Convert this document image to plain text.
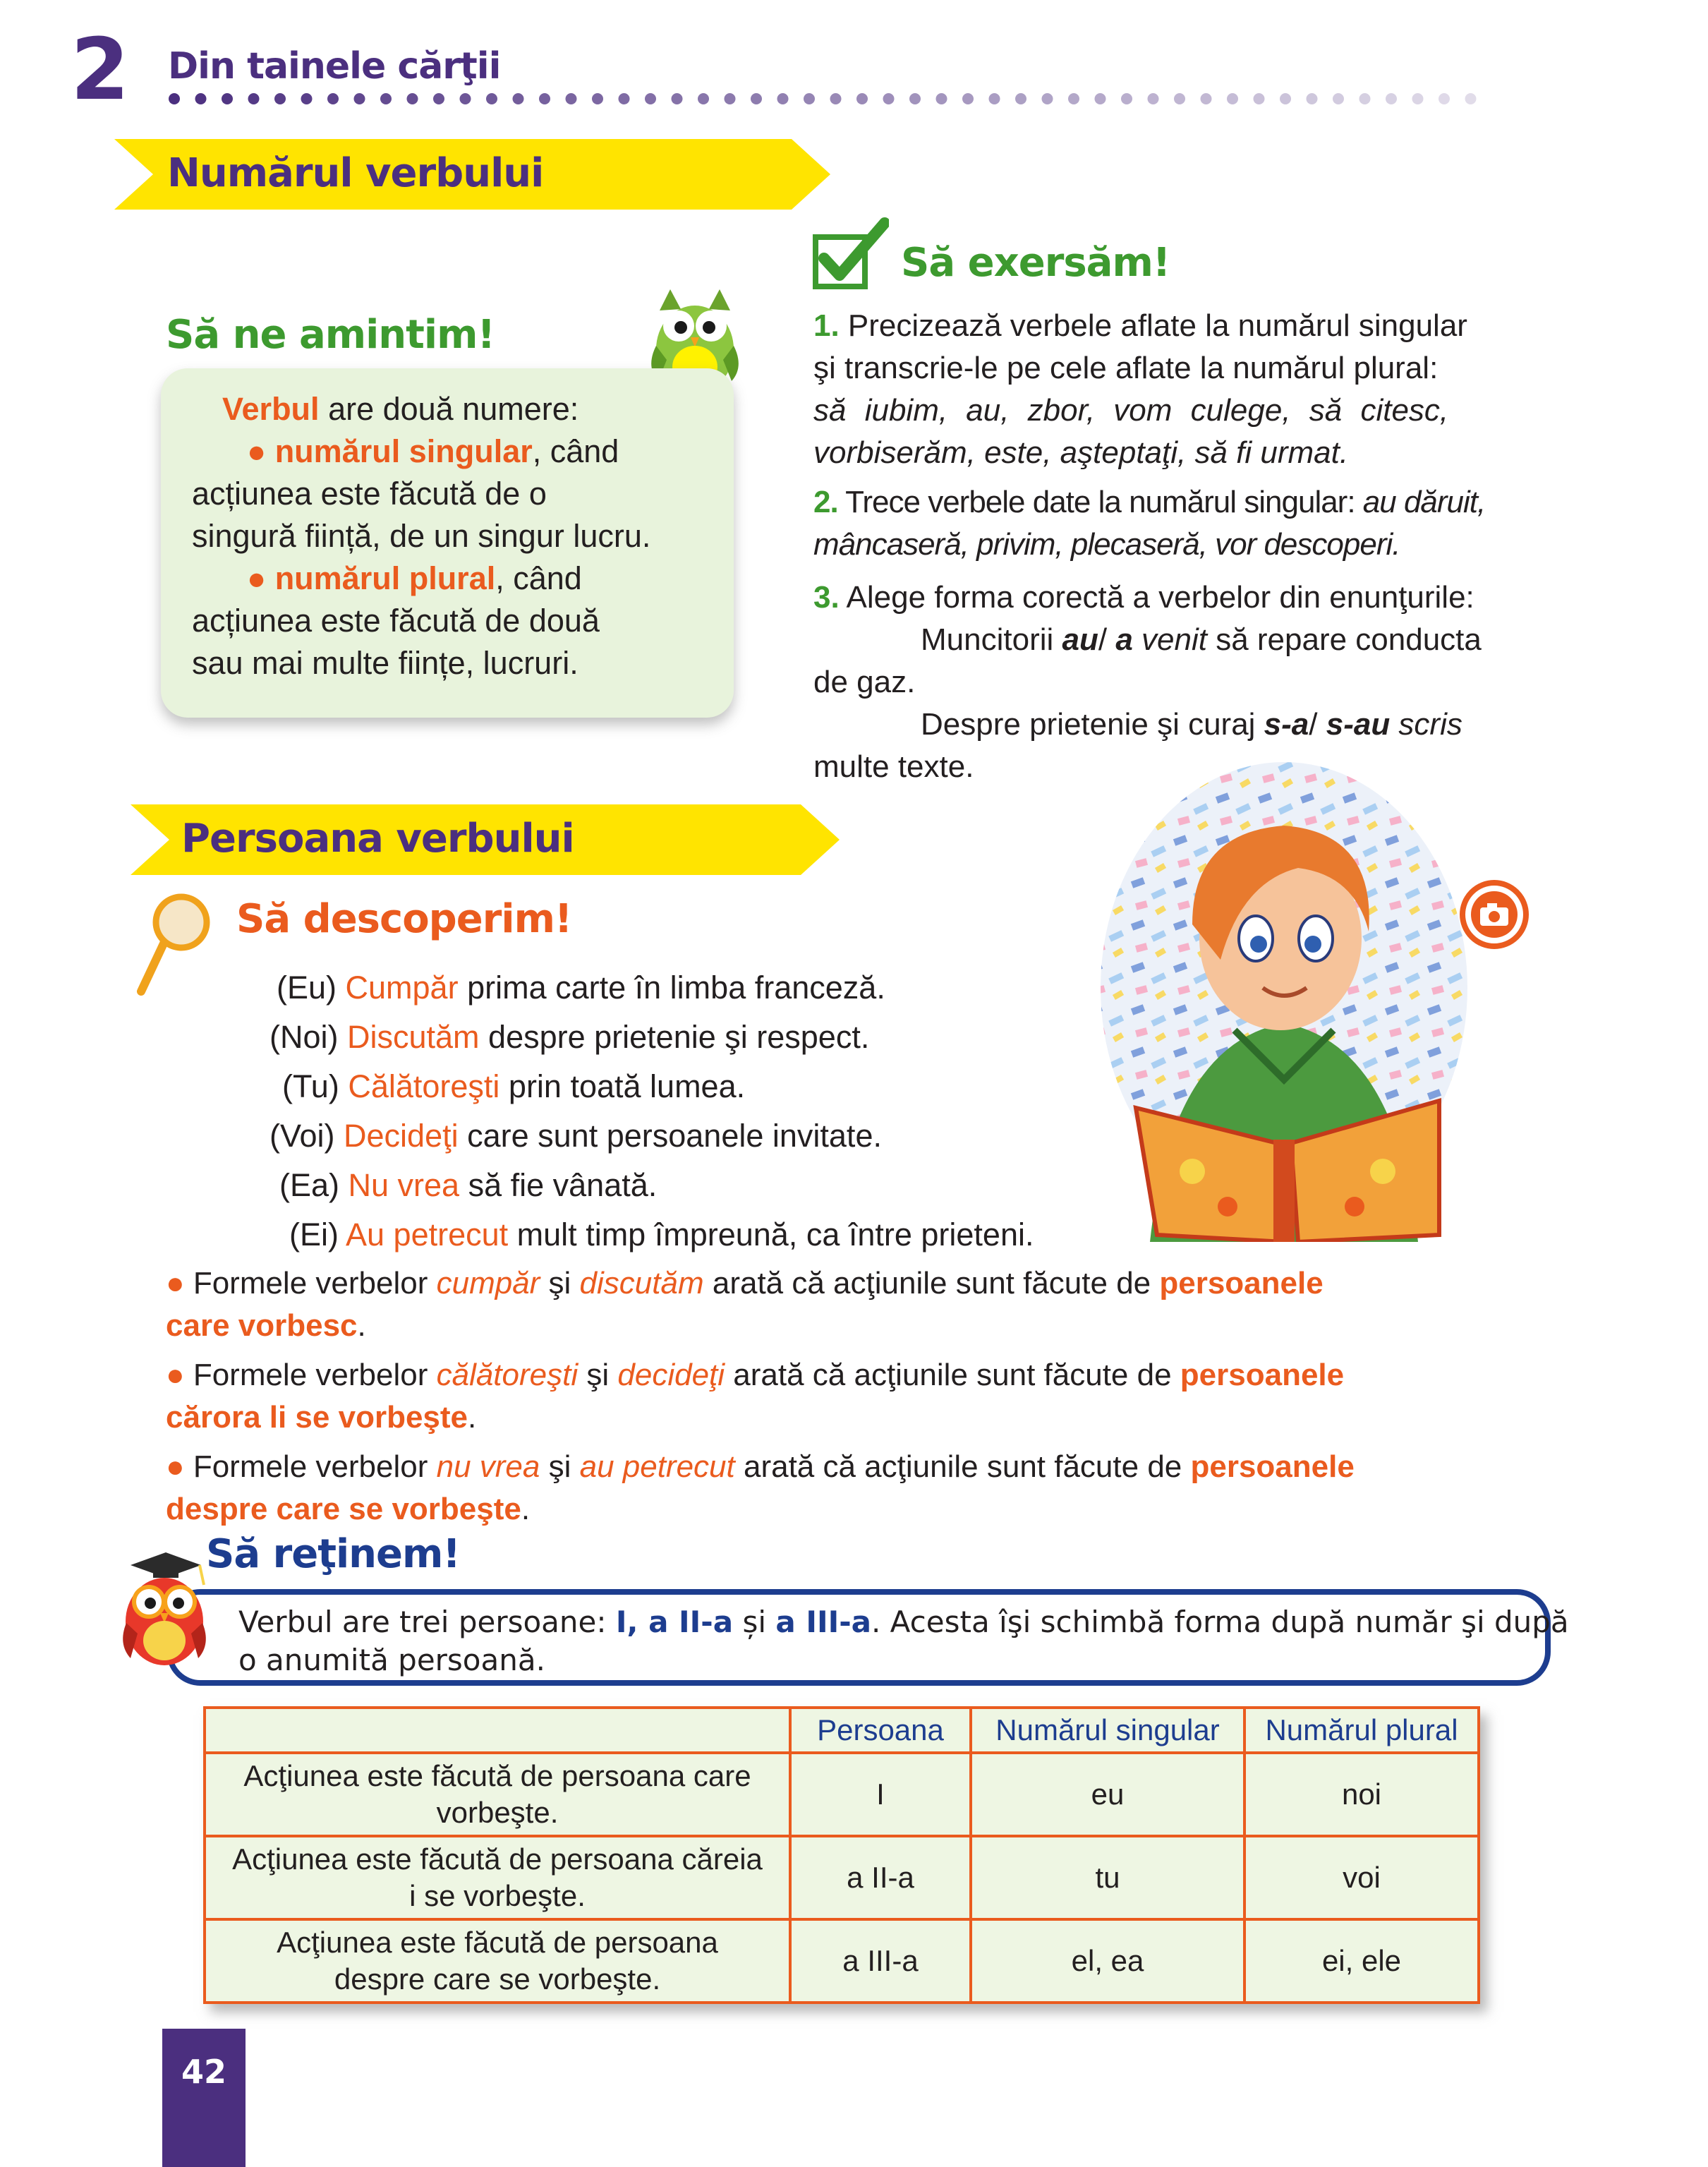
2 Din tainele cărţii
Numărul verbului
Să ne amintim!
Verbul are două numere:
● numărul singular, când
acțiunea este făcută de o
singură ființă, de un singur lucru.
● numărul plural, când
acțiunea este făcută de două
sau mai multe ființe, lucruri.
Să exersăm!
1. Precizează verbele aflate la numărul singular
şi transcrie-le pe cele aflate la numărul plural:
să iubim, au, zbor, vom culege, să citesc,
vorbiserăm, este, aşteptaţi, să fi urmat.
2. Trece verbele date la numărul singular: au dăruit,
mâncaseră, privim, plecaseră, vor descoperi.
3. Alege forma corectă a verbelor din enunţurile:
Muncitorii au/ a venit să repare conducta
de gaz.
Despre prietenie şi curaj s-a/ s-au scris
multe texte.
Persoana verbului
Să descoperim!
(Eu) Cumpăr prima carte în limba franceză.
(Noi) Discutăm despre prietenie şi respect.
(Tu) Călătoreşti prin toată lumea.
(Voi) Decideţi care sunt persoanele invitate.
(Ea) Nu vrea să fie vânată.
(Ei) Au petrecut mult timp împreună, ca între prieteni.
● Formele verbelor cumpăr şi discutăm arată că acţiunile sunt făcute de persoanele
care vorbesc.
● Formele verbelor călătoreşti şi decideţi arată că acţiunile sunt făcute de persoanele
cărora li se vorbeşte.
● Formele verbelor nu vrea şi au petrecut arată că acţiunile sunt făcute de persoanele
despre care se vorbeşte.
Să reţinem!
Verbul are trei persoane: I, a II-a și a III-a. Acesta îşi schimbă forma după număr şi după
o anumită persoană.
	Persoana	Numărul singular	Numărul plural
Acţiunea este făcută de persoana care
vorbeşte.	I	eu	noi
Acţiunea este făcută de persoana căreia
i se vorbeşte.	a II-a	tu	voi
Acţiunea este făcută de persoana
despre care se vorbeşte.	a III-a	el, ea	ei, ele
42
